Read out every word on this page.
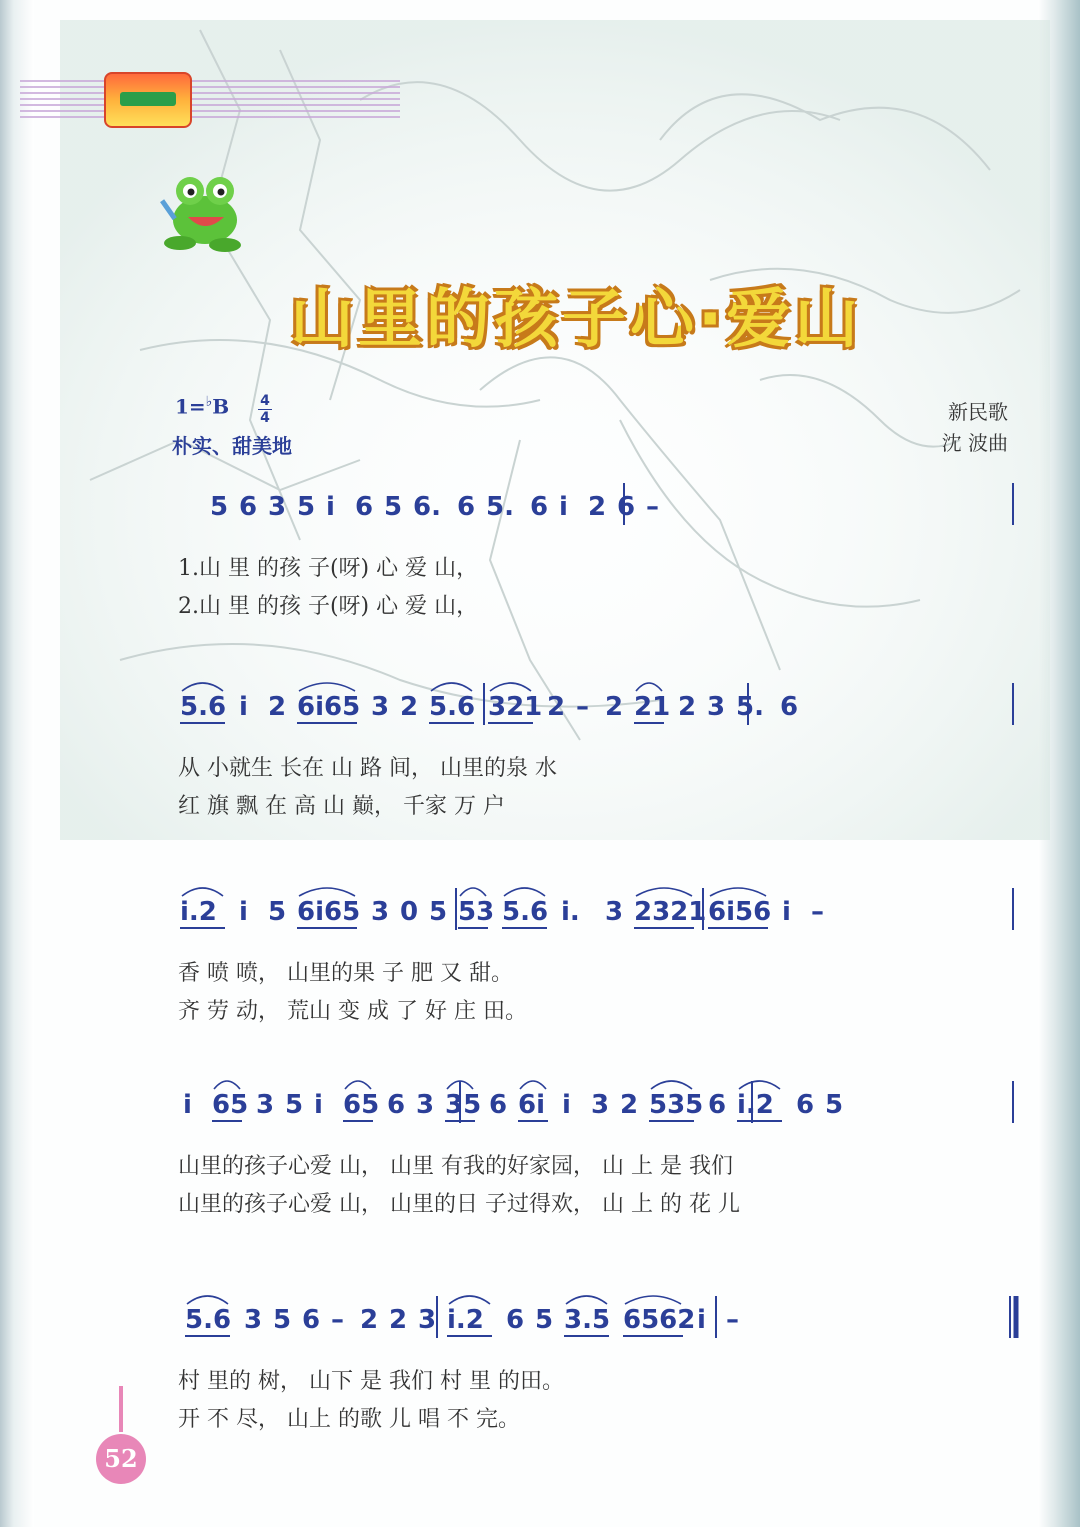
山里的孩子心·爱山
1=♭B 4
4
朴实、甜美地
新民歌
沈 波曲
5 6 3 5 i 6 5 6. 6 5. 6 i 2 6 –
1.山 里 的孩 子(呀) 心 爱 山，
2.山 里 的孩 子(呀) 心 爱 山，
5.6 i 2 6i65 3 2 5.6 321 2 – 2 21 2 3 5. 6
从 小就生 长在 山 路 间， 山里的泉 水
红 旗 飘 在 高 山 巅， 千家 万 户
i.2 i 5 6i65 3 0 5 53 5.6 i. 3 2321 6i56 i –
香 喷 喷， 山里的果 子 肥 又 甜。
齐 劳 动， 荒山 变 成 了 好 庄 田。
i 65 3 5 i 65 6 3 35 6 6i i 3 2 535 6 i.2 6 5
山里的孩子心爱 山， 山里 有我的好家园， 山 上 是 我们
山里的孩子心爱 山， 山里的日 子过得欢， 山 上 的 花 儿
5.6 3 5 6 – 2 2 3 i.2 6 5 3.5 6562 i –
村 里的 树， 山下 是 我们 村 里 的田。
开 不 尽， 山上 的歌 儿 唱 不 完。
52
